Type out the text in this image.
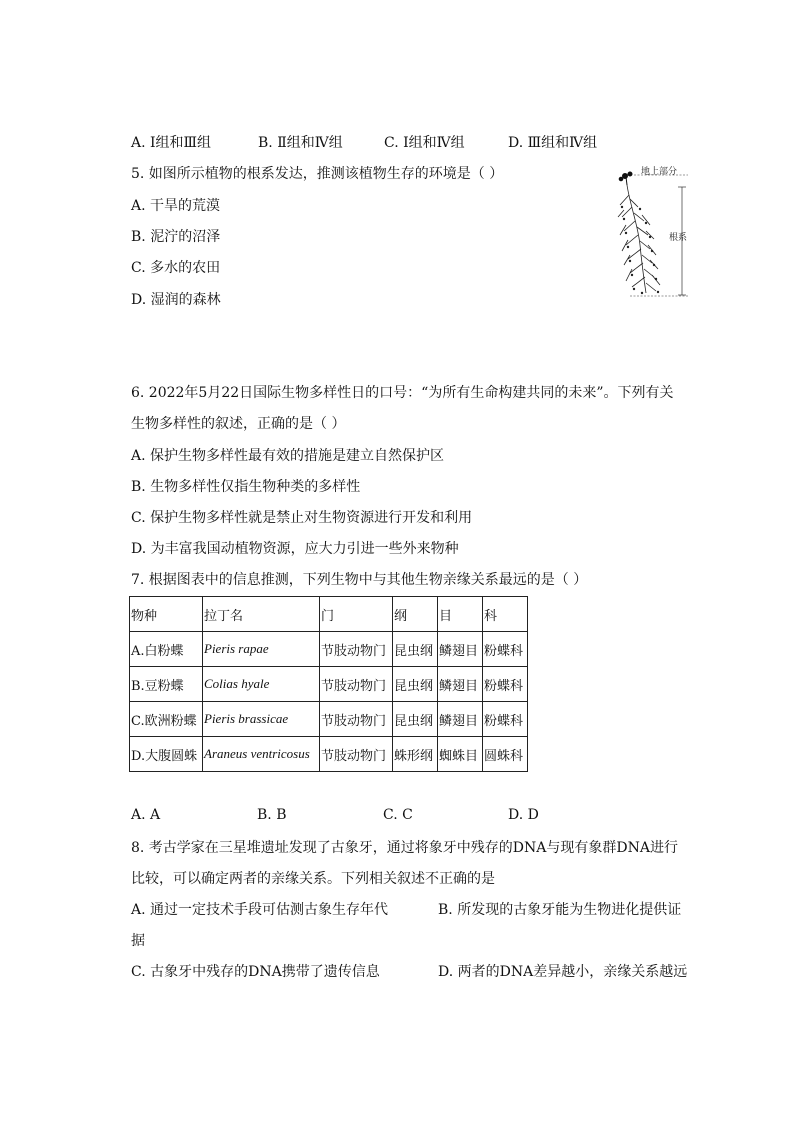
A. Ⅰ组和Ⅲ组	B. Ⅱ组和Ⅳ组	C. Ⅰ组和Ⅳ组	D. Ⅲ组和Ⅳ组
5. 如图所示植物的根系发达，推测该植物生存的环境是（ ）
A. 干旱的荒漠
B. 泥泞的沼泽
C. 多水的农田
D. 湿润的森林
地上部分
根系
6. 2022年5月22日国际生物多样性日的口号：“为所有生命构建共同的未来”。下列有关
生物多样性的叙述，正确的是（ ）
A. 保护生物多样性最有效的措施是建立自然保护区
B. 生物多样性仅指生物种类的多样性
C. 保护生物多样性就是禁止对生物资源进行开发和利用
D. 为丰富我国动植物资源，应大力引进一些外来物种
7. 根据图表中的信息推测，下列生物中与其他生物亲缘关系最远的是（ ）
物种	拉丁名	门	纲	目	科
A.白粉蝶	Pieris rapae	节肢动物门	昆虫纲	鳞翅目	粉蝶科
B.豆粉蝶	Colias hyale	节肢动物门	昆虫纲	鳞翅目	粉蝶科
C.欧洲粉蝶	Pieris brassicae	节肢动物门	昆虫纲	鳞翅目	粉蝶科
D.大腹圆蛛	Araneus ventricosus	节肢动物门	蛛形纲	蜘蛛目	圆蛛科
A. A	B. B	C. C	D. D
8. 考古学家在三星堆遗址发现了古象牙，通过将象牙中残存的DNA与现有象群DNA进行
比较，可以确定两者的亲缘关系。下列相关叙述不正确的是
A. 通过一定技术手段可估测古象生存年代	B. 所发现的古象牙能为生物进化提供证
据
C. 古象牙中残存的DNA携带了遗传信息	D. 两者的DNA差异越小，亲缘关系越远
